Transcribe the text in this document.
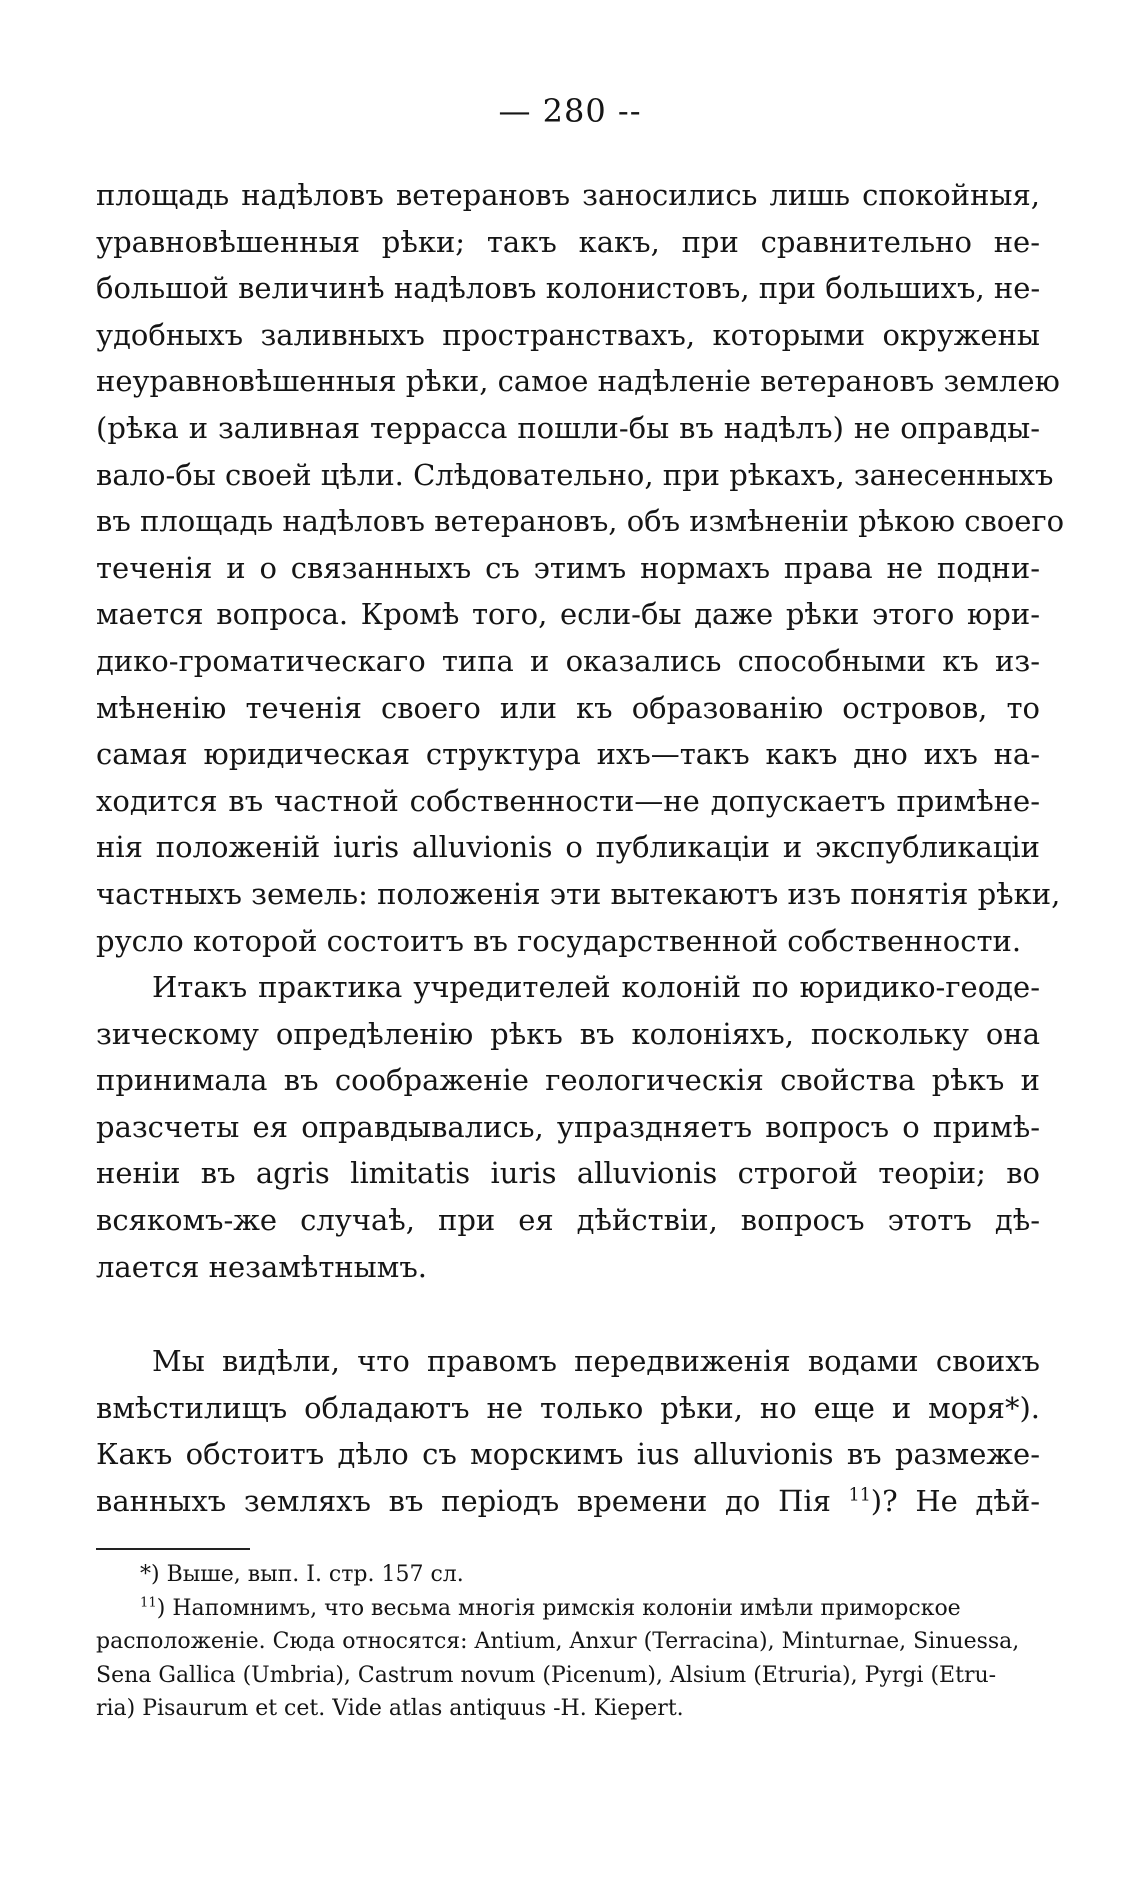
— 280 --
площадь надѣловъ ветерановъ заносились лишь спокойныя,
уравновѣшенныя рѣки; такъ какъ, при сравнительно не-
большой величинѣ надѣловъ колонистовъ, при большихъ, не-
удобныхъ заливныхъ пространствахъ, которыми окружены
неуравновѣшенныя рѣки, самое надѣленіе ветерановъ землею
(рѣка и заливная террасса пошли-бы въ надѣлъ) не оправды-
вало-бы своей цѣли. Слѣдовательно, при рѣкахъ, занесенныхъ
въ площадь надѣловъ ветерановъ, объ измѣненіи рѣкою своего
теченія и о связанныхъ съ этимъ нормахъ права не подни-
мается вопроса. Кромѣ того, если-бы даже рѣки этого юри-
дико-громатическаго типа и оказались способными къ из-
мѣненію теченія своего или къ образованію островов, то
самая юридическая структура ихъ—такъ какъ дно ихъ на-
ходится въ частной собственности—не допускаетъ примѣне-
нія положеній iuris alluvionis о публикаціи и экспубликаціи
частныхъ земель: положенія эти вытекаютъ изъ понятія рѣки,
русло которой состоитъ въ государственной собственности.
Итакъ практика учредителей колоній по юридико-геоде-
зическому опредѣленію рѣкъ въ колоніяхъ, поскольку она
принимала въ соображеніе геологическія свойства рѣкъ и
разсчеты ея оправдывались, упраздняетъ вопросъ о примѣ-
неніи въ agris limitatis iuris alluvionis строгой теоріи; во
всякомъ-же случаѣ, при ея дѣйствіи, вопросъ этотъ дѣ-
лается незамѣтнымъ.
Мы видѣли, что правомъ передвиженія водами своихъ
вмѣстилищъ обладаютъ не только рѣки, но еще и моря*).
Какъ обстоитъ дѣло съ морскимъ ius alluvionis въ размеже-
ванныхъ земляхъ въ періодъ времени до Пія $^{11}$)? Не дѣй-
*) Выше, вып. I. стр. 157 сл.
$^{11}$) Напомнимъ, что весьма многія римскія колоніи имѣли приморское
расположеніе. Сюда относятся: Antium, Anxur (Terracina), Minturnae, Sinuessa,
Sena Gallica (Umbria), Castrum novum (Picenum), Alsium (Etruria), Pyrgi (Etru-
ria) Pisaurum et cet. Vide atlas antiquus -H. Kiepert.
